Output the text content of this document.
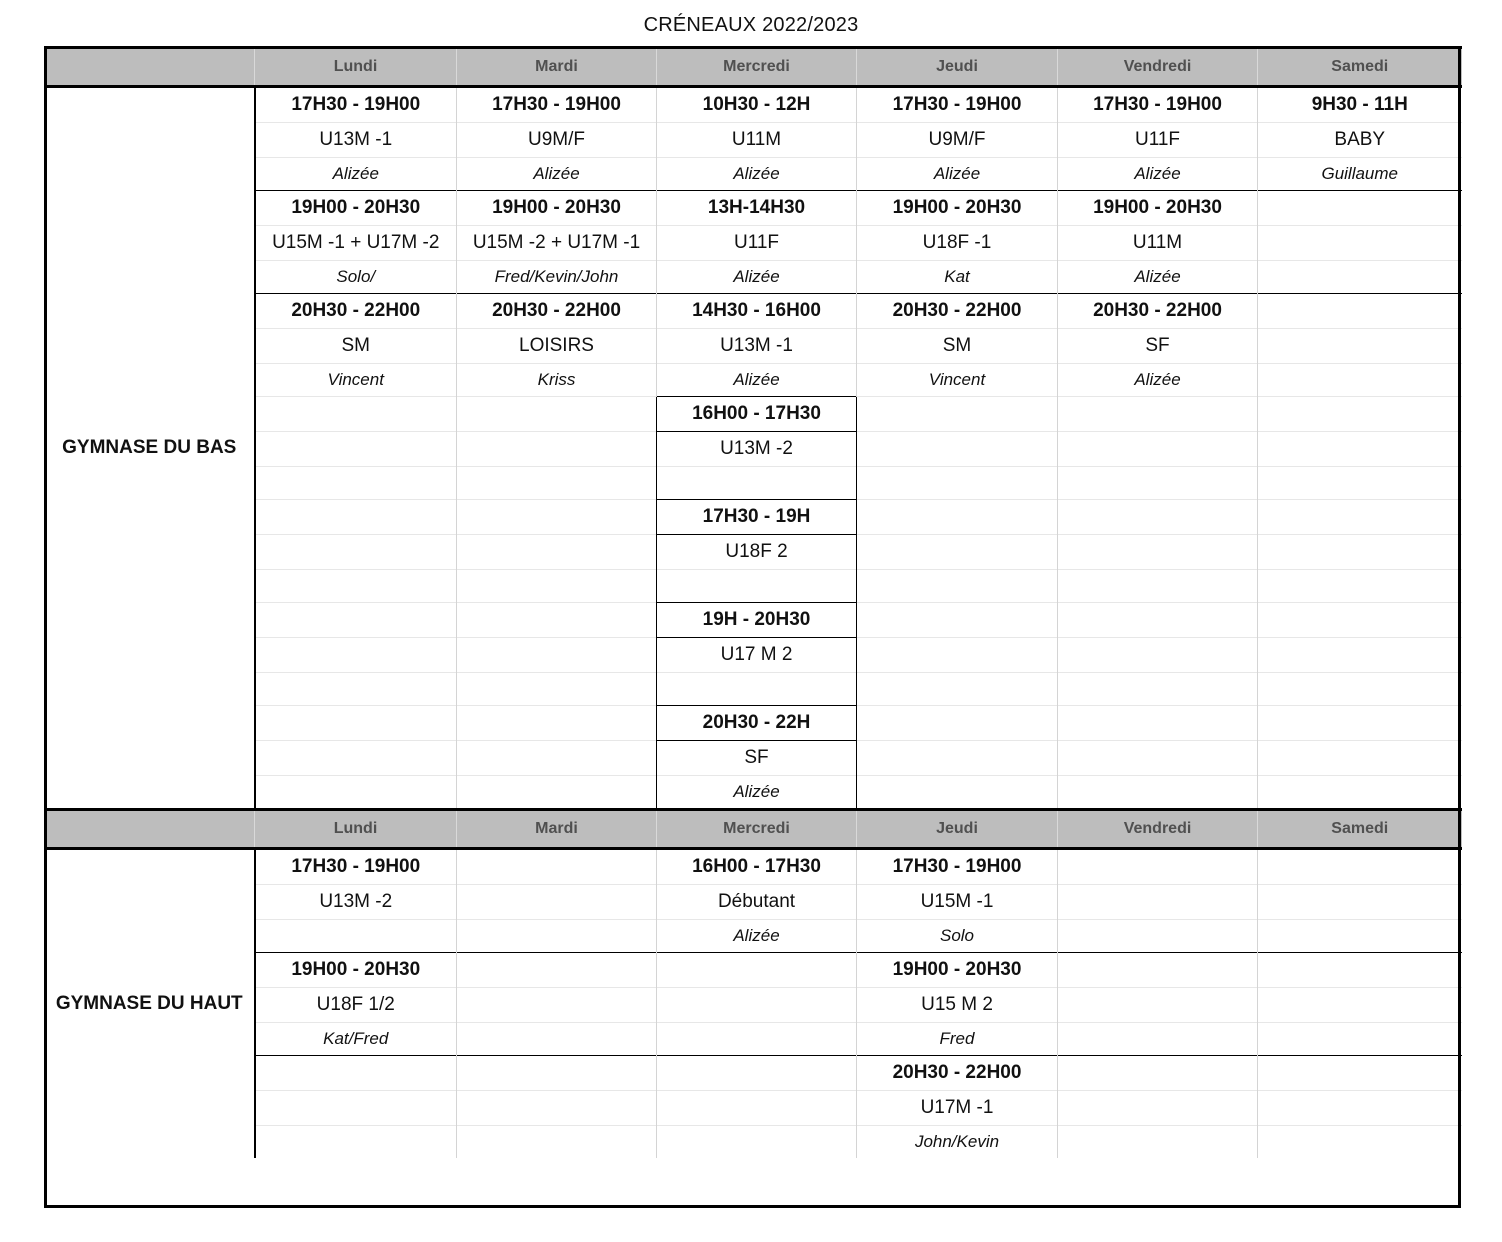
CRÉNEAUX 2022/2023
	Lundi	Mardi	Mercredi	Jeudi	Vendredi	Samedi
GYMNASE DU BAS	17H30 - 19H00	17H30 - 19H00	10H30 - 12H	17H30 - 19H00	17H30 - 19H00	9H30 - 11H
	U13M -1	U9M/F	U11M	U9M/F	U11F	BABY
	Alizée	Alizée	Alizée	Alizée	Alizée	Guillaume
	19H00 - 20H30	19H00 - 20H30	13H-14H30	19H00 - 20H30	19H00 - 20H30	
	U15M -1 + U17M -2	U15M -2 + U17M -1	U11F	U18F -1	U11M	
	Solo/	Fred/Kevin/John	Alizée	Kat	Alizée	
	20H30 - 22H00	20H30 - 22H00	14H30 - 16H00	20H30 - 22H00	20H30 - 22H00	
	SM	LOISIRS	U13M -1	SM	SF	
	Vincent	Kriss	Alizée	Vincent	Alizée	
			16H00 - 17H30			
			U13M -2			

			17H30 - 19H			
			U18F 2			

			19H - 20H30			
			U17 M 2			

			20H30 - 22H			
			SF			
			Alizée			
	Lundi	Mardi	Mercredi	Jeudi	Vendredi	Samedi
GYMNASE DU HAUT	17H30 - 19H00		16H00 - 17H30	17H30 - 19H00		
	U13M -2		Débutant	U15M -1		
			Alizée	Solo		
	19H00 - 20H30			19H00 - 20H30		
	U18F 1/2			U15 M 2		
	Kat/Fred			Fred		
				20H30 - 22H00		
				U17M -1		
				John/Kevin		
